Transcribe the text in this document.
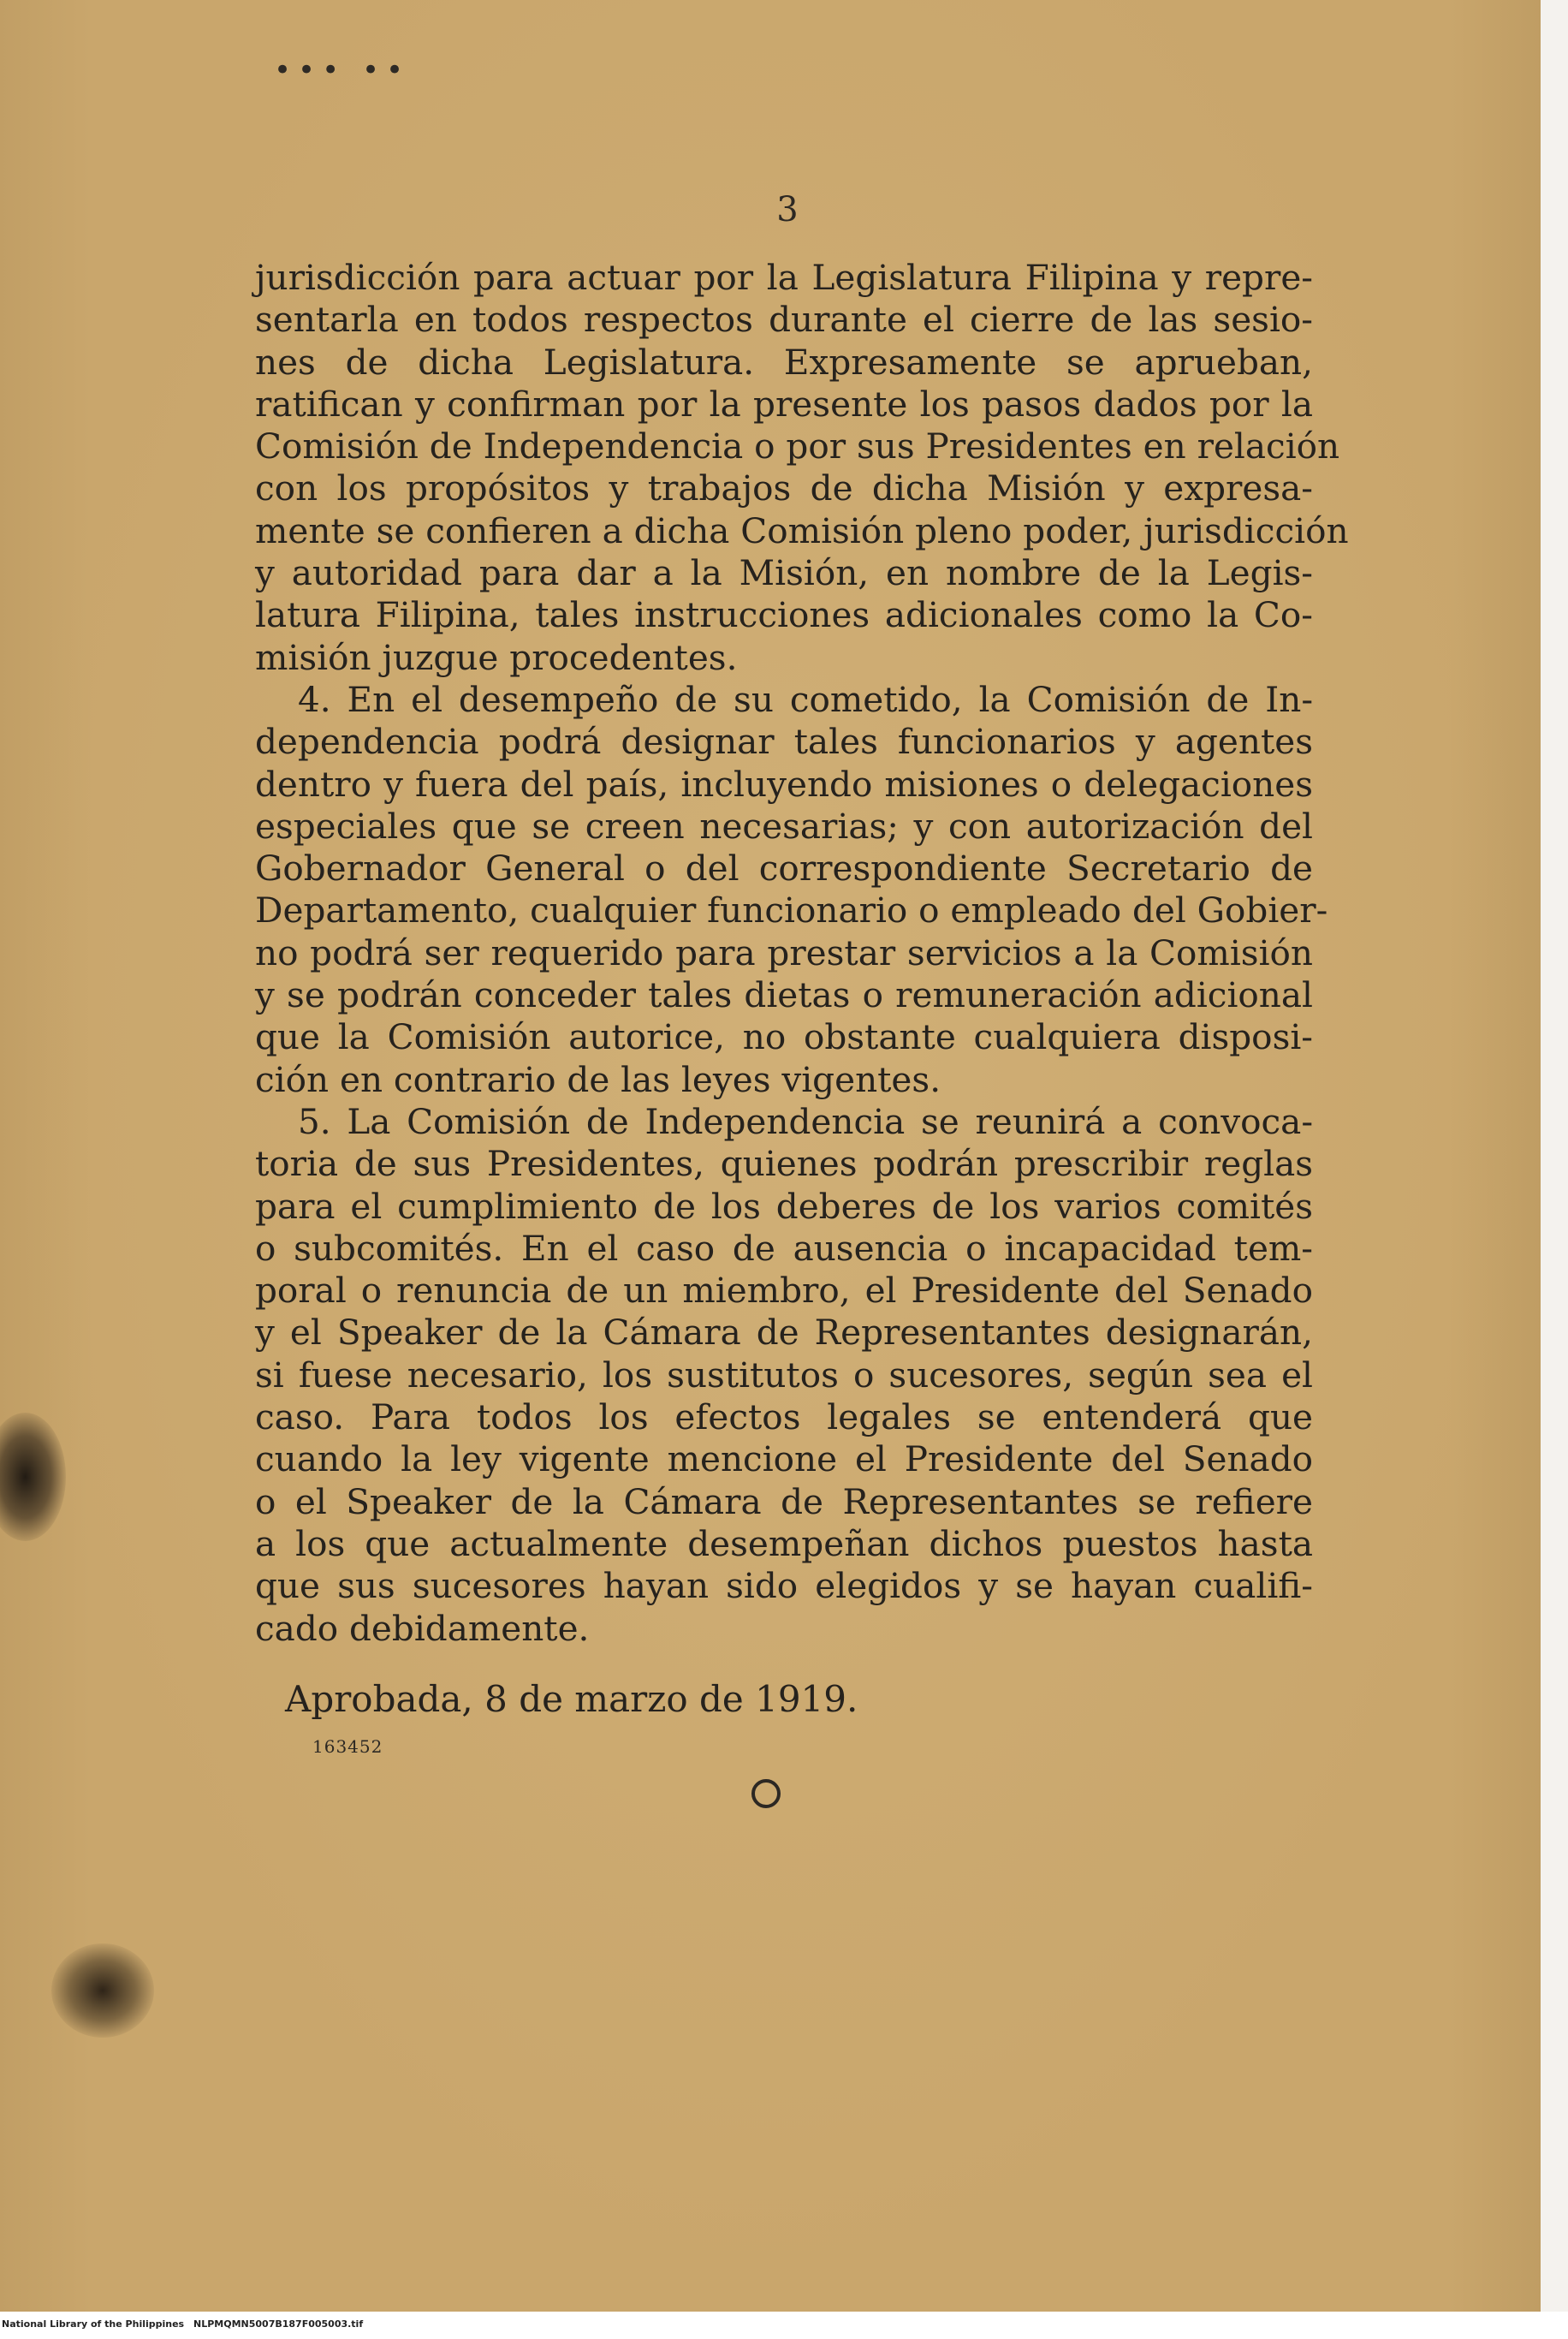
••• ••
3
jurisdicción para actuar por la Legislatura Filipina y repre-
sentarla en todos respectos durante el cierre de las sesio-
nes de dicha Legislatura. Expresamente se aprueban,
ratifican y confirman por la presente los pasos dados por la
Comisión de Independencia o por sus Presidentes en relación
con los propósitos y trabajos de dicha Misión y expresa-
mente se confieren a dicha Comisión pleno poder, jurisdicción
y autoridad para dar a la Misión, en nombre de la Legis-
latura Filipina, tales instrucciones adicionales como la Co-
misión juzgue procedentes.
4. En el desempeño de su cometido, la Comisión de In-
dependencia podrá designar tales funcionarios y agentes
dentro y fuera del país, incluyendo misiones o delegaciones
especiales que se creen necesarias; y con autorización del
Gobernador General o del correspondiente Secretario de
Departamento, cualquier funcionario o empleado del Gobier-
no podrá ser requerido para prestar servicios a la Comisión
y se podrán conceder tales dietas o remuneración adicional
que la Comisión autorice, no obstante cualquiera disposi-
ción en contrario de las leyes vigentes.
5. La Comisión de Independencia se reunirá a convoca-
toria de sus Presidentes, quienes podrán prescribir reglas
para el cumplimiento de los deberes de los varios comités
o subcomités. En el caso de ausencia o incapacidad tem-
poral o renuncia de un miembro, el Presidente del Senado
y el Speaker de la Cámara de Representantes designarán,
si fuese necesario, los sustitutos o sucesores, según sea el
caso. Para todos los efectos legales se entenderá que
cuando la ley vigente mencione el Presidente del Senado
o el Speaker de la Cámara de Representantes se refiere
a los que actualmente desempeñan dichos puestos hasta
que sus sucesores hayan sido elegidos y se hayan cualifi-
cado debidamente.
Aprobada, 8 de marzo de 1919.
163452
National Library of the Philippines NLPMQMN5007B187F005003.tif
